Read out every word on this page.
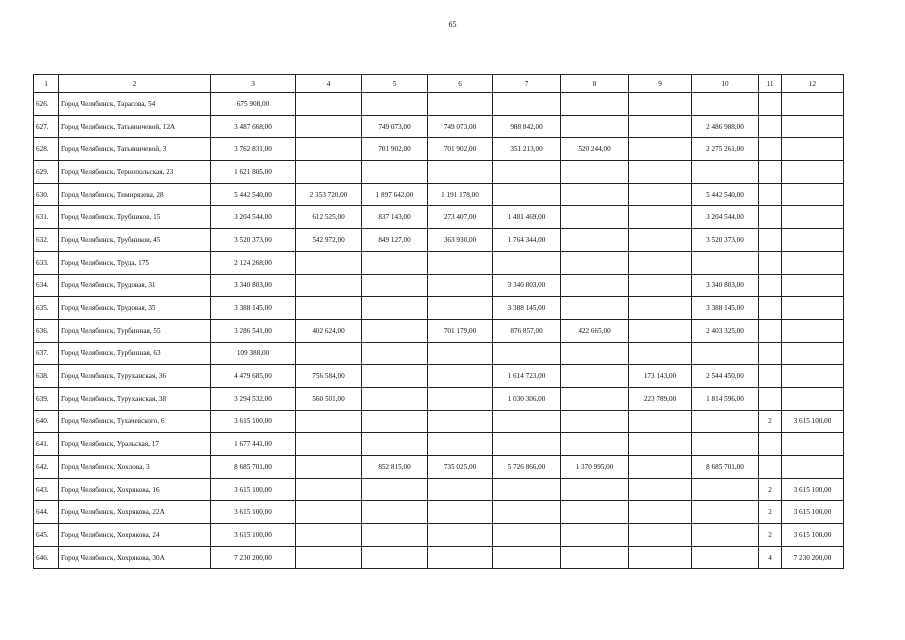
65
1	2	3	4	5	6	7	8	9	10	11	12
626.	Город Челябинск, Тарасова, 54	675 908,00									
627.	Город Челябинск, Татьяничевой, 12А	3 487 668,00		749 073,00	749 073,00	988 842,00			2 486 988,00		
628.	Город Челябинск, Татьяничевой, 3	3 762 831,00		701 902,00	701 902,00	351 213,00	520 244,00		2 275 261,00		
629.	Город Челябинск, Тернопольская, 23	1 621 805,00									
630.	Город Челябинск, Тимирязева, 28	5 442 540,00	2 353 720,00	1 897 642,00	1 191 178,00				5 442 540,00		
631.	Город Челябинск, Трубников, 15	3 204 544,00	612 525,00	837 143,00	273 407,00	1 481 469,00			3 204 544,00		
632.	Город Челябинск, Трубников, 45	3 520 373,00	542 972,00	849 127,00	363 930,00	1 764 344,00			3 520 373,00		
633.	Город Челябинск, Труда, 175	2 124 268,00									
634.	Город Челябинск, Трудовая, 31	3 340 803,00				3 340 803,00			3 340 803,00		
635.	Город Челябинск, Трудовая, 35	3 388 145,00				3 388 145,00			3 388 145,00		
636.	Город Челябинск, Турбинная, 55	3 286 541,00	402 624,00		701 179,00	876 857,00	422 665,00		2 403 325,00		
637.	Город Челябинск, Турбинная, 63	109 388,00									
638.	Город Челябинск, Туруханская, 36	4 479 685,00	756 584,00			1 614 723,00		173 143,00	2 544 450,00		
639.	Город Челябинск, Туруханская, 38	3 294 532,00	560 501,00			1 030 306,00		223 789,00	1 814 596,00		
640.	Город Челябинск, Тухачевского, 6	3 615 100,00								2	3 615 100,00
641.	Город Челябинск, Уральская, 17	1 677 441,00									
642.	Город Челябинск, Хохлова, 3	8 685 701,00		852 815,00	735 025,00	5 726 866,00	1 370 995,00		8 685 701,00		
643.	Город Челябинск, Хохрякова, 16	3 615 100,00								2	3 615 100,00
644.	Город Челябинск, Хохрякова, 22А	3 615 100,00								2	3 615 100,00
645.	Город Челябинск, Хохрякова, 24	3 615 100,00								2	3 615 100,00
646.	Город Челябинск, Хохрякова, 30А	7 230 200,00								4	7 230 200,00
